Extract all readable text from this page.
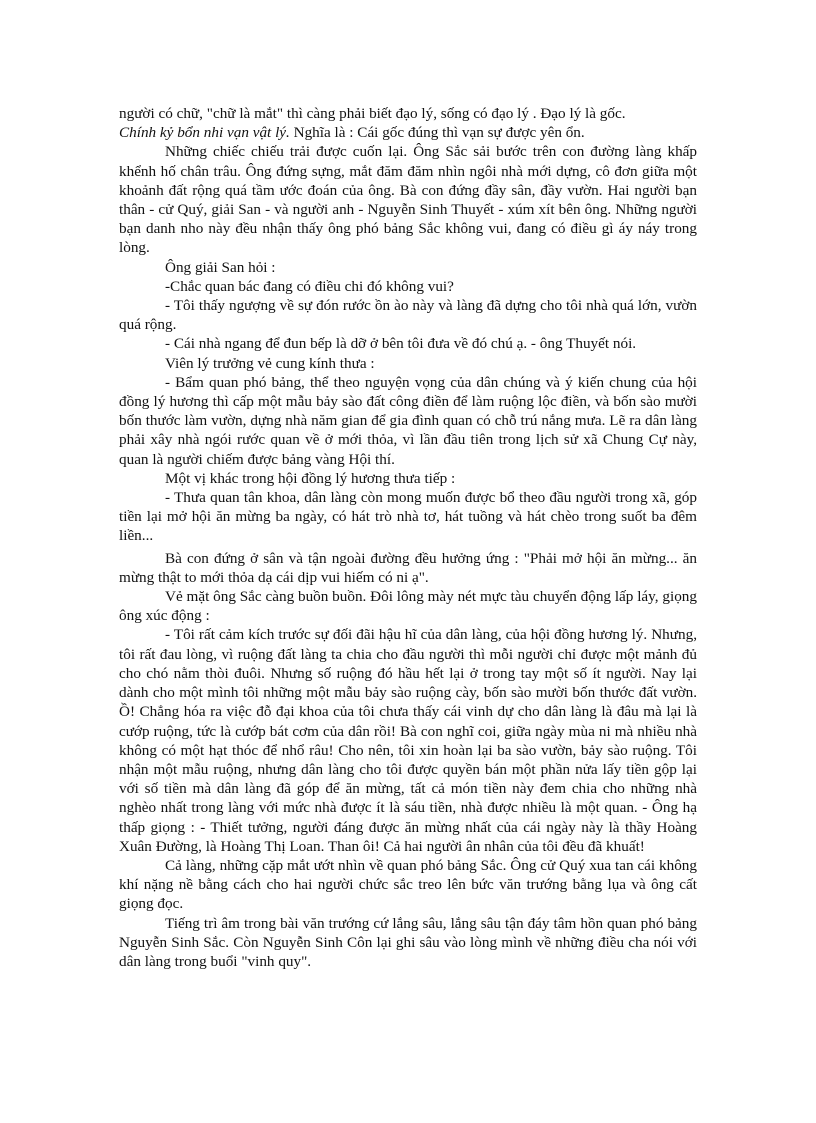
người có chữ, "chữ là mắt" thì càng phải biết đạo lý, sống có đạo lý . Đạo lý là gốc.

Chính kỷ bổn nhi vạn vật lý. Nghĩa là : Cái gốc đúng thì vạn sự được yên ổn.

Những chiếc chiếu trải được cuốn lại. Ông Sắc sải bước trên con đường làng khấp khểnh hố chân trâu. Ông đứng sựng, mắt đăm đăm nhìn ngôi nhà mới dựng, cô đơn giữa một khoảnh đất rộng quá tầm ước đoán của ông. Bà con đứng đầy sân, đầy vườn. Hai người bạn thân - cử Quý, giải San - và người anh - Nguyễn Sinh Thuyết - xúm xít bên ông. Những người bạn danh nho này đều nhận thấy ông phó bảng Sắc không vui, đang có điều gì áy náy trong lòng.

Ông giải San hỏi :

-Chắc quan bác đang có điều chi đó không vui?

- Tôi thấy ngượng về sự đón rước ồn ào này và làng đã dựng cho tôi nhà quá lớn, vườn quá rộng.

- Cái nhà ngang để đun bếp là dỡ ở bên tôi đưa về đó chú ạ. - ông Thuyết nói.

Viên lý trưởng vẻ cung kính thưa :

- Bẩm quan phó bảng, thể theo nguyện vọng của dân chúng và ý kiến chung của hội đồng lý hương thì cấp một mẫu bảy sào đất công điền để làm ruộng lộc điền, và bốn sào mười bốn thước làm vườn, dựng nhà năm gian để gia đình quan có chỗ trú nắng mưa. Lẽ ra dân làng phải xây nhà ngói rước quan về ở mới thỏa, vì lần đầu tiên trong lịch sử xã Chung Cự này, quan là người chiếm được bảng vàng Hội thí.

Một vị khác trong hội đồng lý hương thưa tiếp :

- Thưa quan tân khoa, dân làng còn mong muốn được bổ theo đầu người trong xã, góp tiền lại mở hội ăn mừng ba ngày, có hát trò nhà tơ, hát tuồng và hát chèo trong suốt ba đêm liền...

Bà con đứng ở sân và tận ngoài đường đều hưởng ứng : "Phải mở hội ăn mừng... ăn mừng thật to mới thỏa dạ cái dịp vui hiếm có ni ạ".

Vẻ mặt ông Sắc càng buồn buồn. Đôi lông mày nét mực tàu chuyển động lấp láy, giọng ông xúc động :

- Tôi rất cảm kích trước sự đối đãi hậu hĩ của dân làng, của hội đồng hương lý. Nhưng, tôi rất đau lòng, vì ruộng đất làng ta chia cho đầu người thì mỗi người chỉ được một mảnh đủ cho chó nằm thòi đuôi. Nhưng số ruộng đó hầu hết lại ở trong tay một số ít người. Nay lại dành cho một mình tôi những một mẫu bảy sào ruộng cày, bốn sào mười bốn thước đất vườn. Ồ! Chẳng hóa ra việc đỗ đại khoa của tôi chưa thấy cái vinh dự cho dân làng là đâu mà lại là cướp ruộng, tức là cướp bát cơm của dân rồi! Bà con nghĩ coi, giữa ngày mùa ni mà nhiều nhà không có một hạt thóc để nhổ râu! Cho nên, tôi xin hoàn lại ba sào vườn, bảy sào ruộng. Tôi nhận một mẫu ruộng, nhưng dân làng cho tôi được quyền bán một phần nửa lấy tiền gộp lại với số tiền mà dân làng đã góp để ăn mừng, tất cả món tiền này đem chia cho những nhà nghèo nhất trong làng với mức nhà được ít là sáu tiền, nhà được nhiều là một quan. - Ông hạ thấp giọng : - Thiết tưởng, người đáng được ăn mừng nhất của cái ngày này là thầy Hoàng Xuân Đường, là Hoàng Thị Loan. Than ôi! Cả hai người ân nhân của tôi đều đã khuất!

Cả làng, những cặp mắt ướt nhìn về quan phó bảng Sắc. Ông cử Quý xua tan cái không khí nặng nề bằng cách cho hai người chức sắc treo lên bức văn trướng bằng lụa và ông cất giọng đọc.

Tiếng trì âm trong bài văn trướng cứ lắng sâu, lắng sâu tận đáy tâm hồn quan phó bảng Nguyễn Sinh Sắc. Còn Nguyễn Sinh Côn lại ghi sâu vào lòng mình về những điều cha nói với dân làng trong buổi "vinh quy".
